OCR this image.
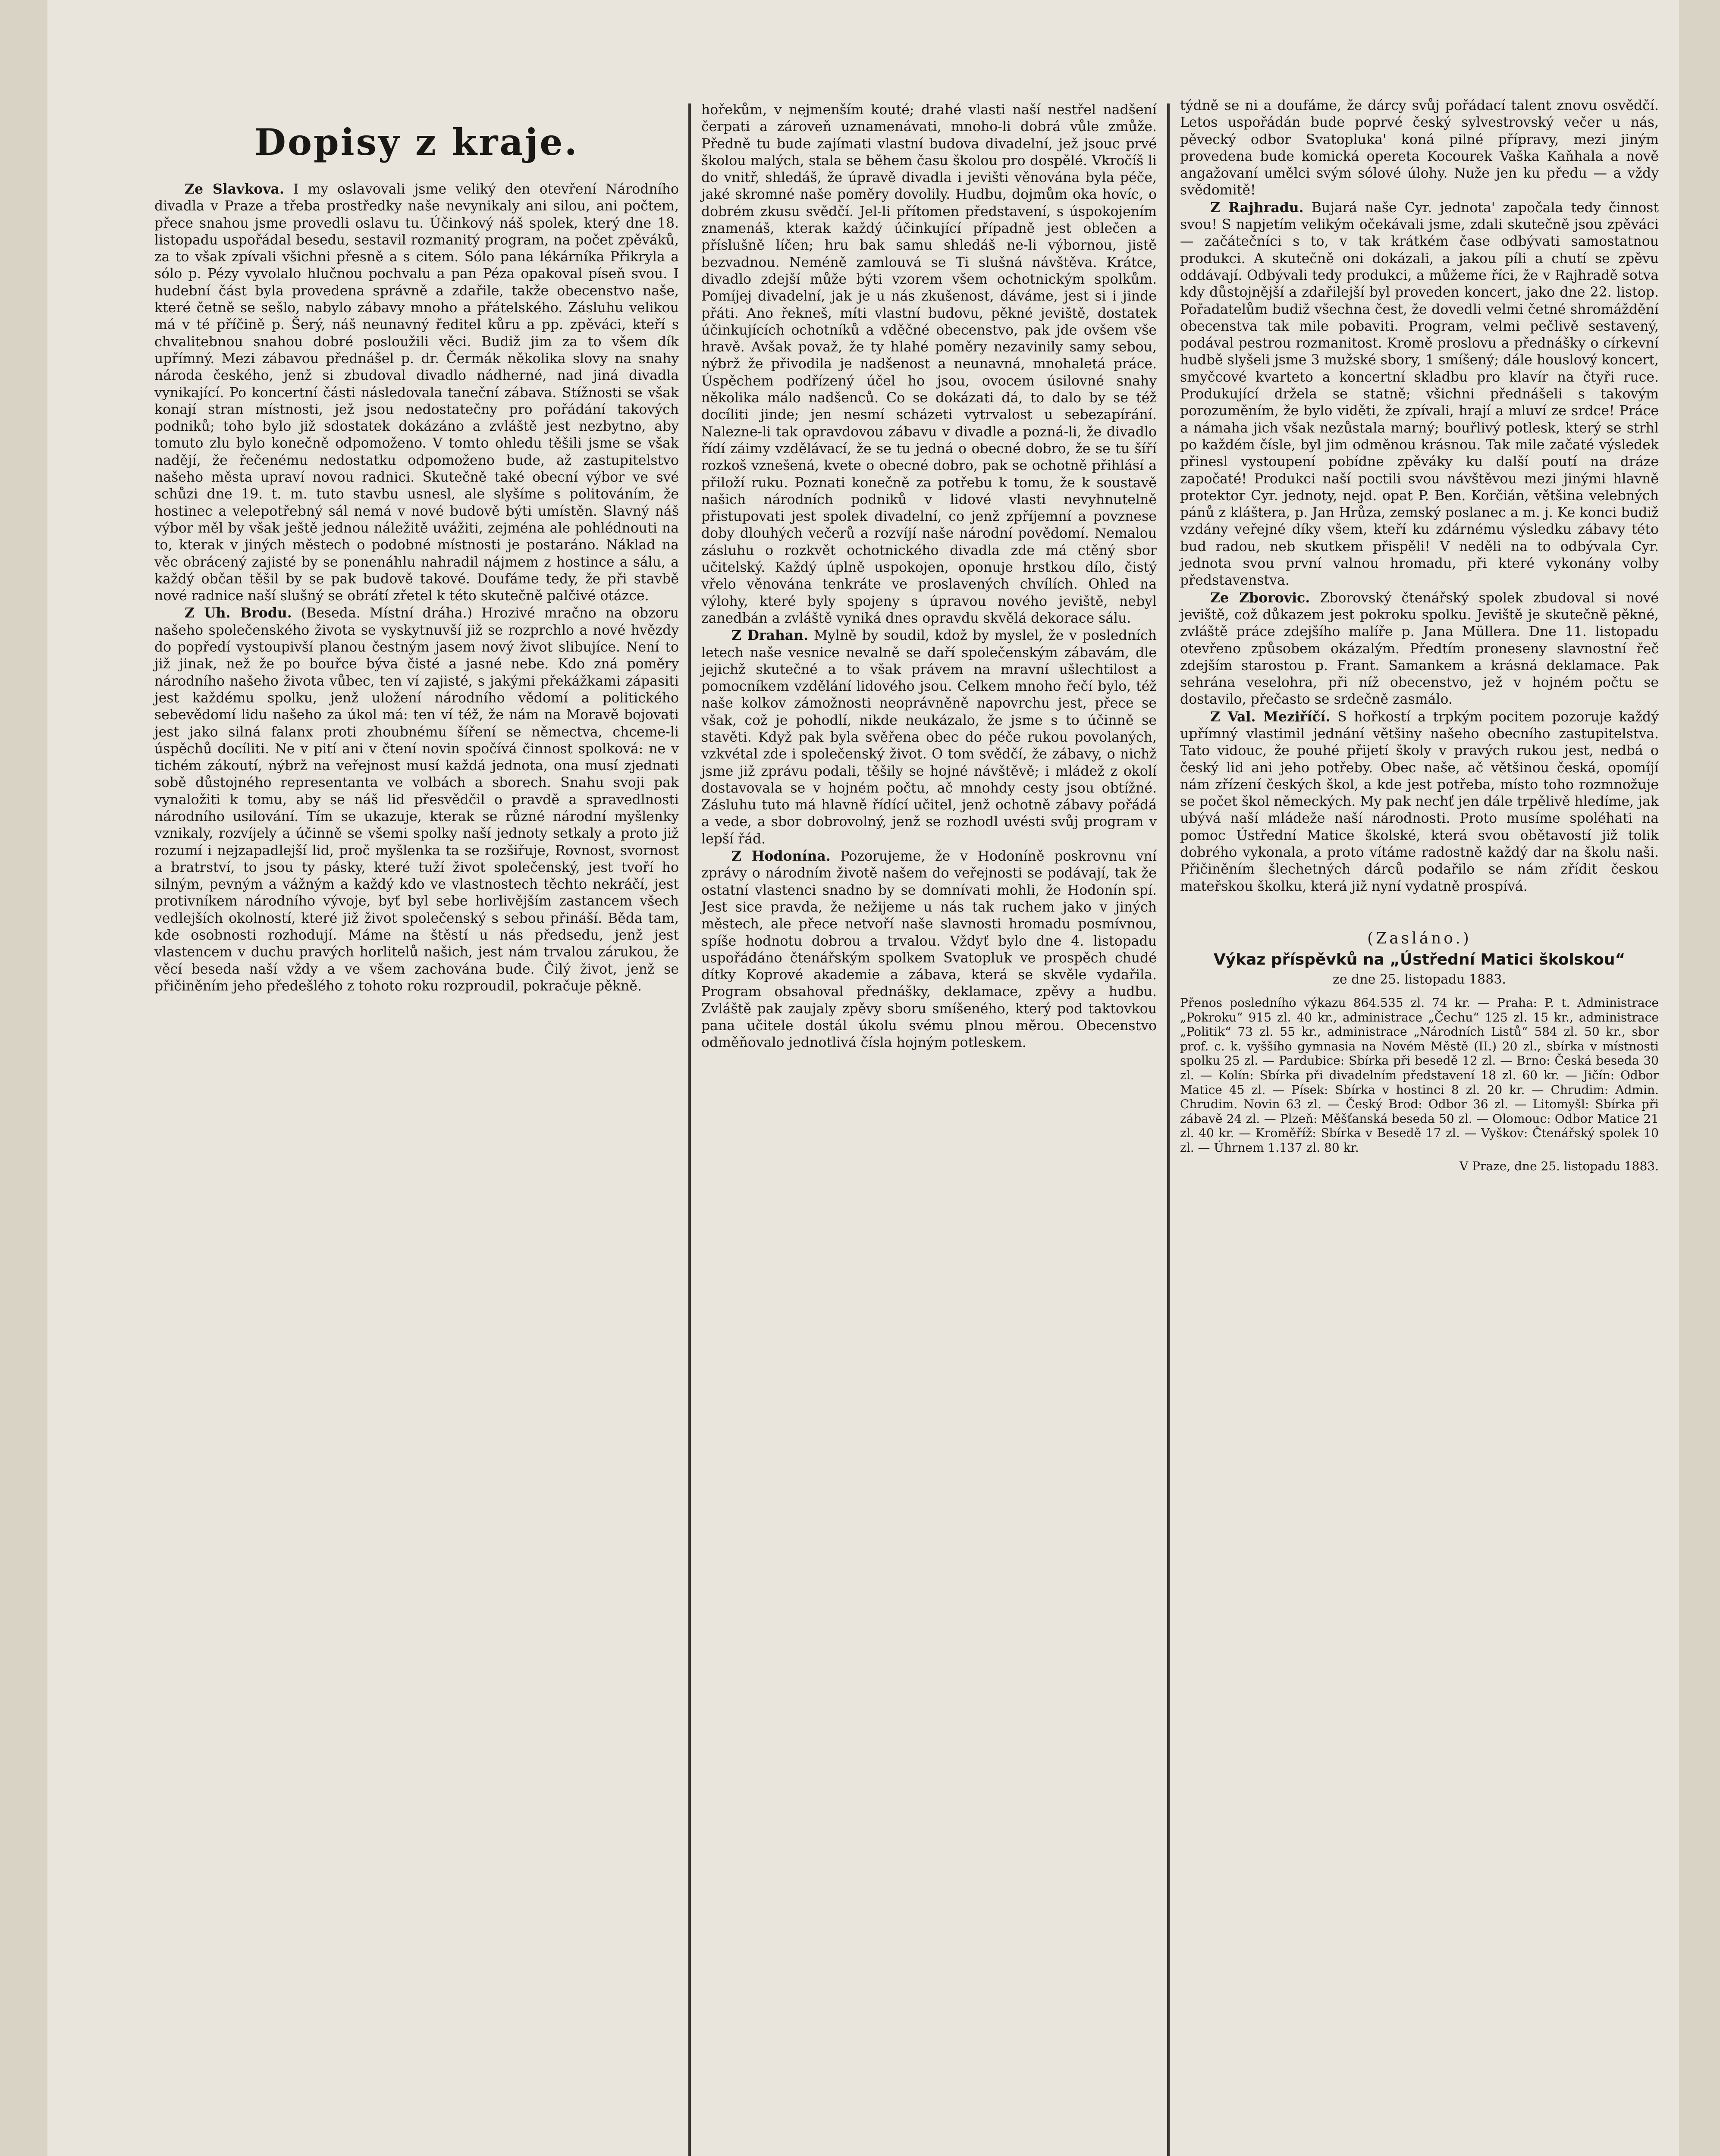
Dopisy z kraje.

Ze Slavkova. I my oslavovali jsme veliký den otevření Národního divadla v Praze a třeba prostředky naše nevynikaly ani silou, ani počtem, přece snahou jsme provedli oslavu tu. Účinkový náš spolek, který dne 18. listopadu uspořádal besedu, sestavil rozmanitý program, na počet zpěváků, za to však zpívali všichni přesně a s citem. Sólo pana lékárníka Přikryla a sólo p. Pézy vyvolalo hlučnou pochvalu a pan Péza opakoval píseň svou. I hudební část byla provedena správně a zdařile, takže obecenstvo naše, které četně se sešlo, nabylo zábavy mnoho a přátelského. Zásluhu velikou má v té příčině p. Šerý, náš neunavný ředitel kůru a pp. zpěváci, kteří s chvalitebnou snahou dobré posloužili věci. Budiž jim za to všem dík upřímný. Mezi zábavou přednášel p. dr. Čermák několika slovy na snahy národa českého, jenž si zbudoval divadlo nádherné, nad jiná divadla vynikající. Po koncertní části následovala taneční zábava. Stížnosti se však konají stran místnosti, jež jsou nedostatečny pro pořádání takových podniků; toho bylo již sdostatek dokázáno a zvláště jest nezbytno, aby tomuto zlu bylo konečně odpomoženo. V tomto ohledu těšili jsme se však nadějí, že řečenému nedostatku odpomoženo bude, až zastupitelstvo našeho města upraví novou radnici. Skutečně také obecní výbor ve své schůzi dne 19. t. m. tuto stavbu usnesl, ale slyšíme s politováním, že hostinec a velepotřebný sál nemá v nové budově býti umístěn. Slavný náš výbor měl by však ještě jednou náležitě uvážiti, zejména ale pohlédnouti na to, kterak v jiných městech o podobné místnosti je postaráno. Náklad na věc obrácený zajisté by se ponenáhlu nahradil nájmem z hostince a sálu, a každý občan těšil by se pak budově takové. Doufáme tedy, že při stavbě nové radnice naší slušný se obrátí zřetel k této skutečně palčivé otázce.

Z Uh. Brodu. (Beseda. Místní dráha.) Hrozivé mračno na obzoru našeho společenského života se vyskytnuvší již se rozprchlo a nové hvězdy do popředí vystoupivší planou čestným jasem nový život slibujíce. Není to již jinak, než že po bouřce býva čisté a jasné nebe. Kdo zná poměry národního našeho života vůbec, ten ví zajisté, s jakými překážkami zápasiti jest každému spolku, jenž uložení národního vědomí a politického sebevědomí lidu našeho za úkol má: ten ví též, že nám na Moravě bojovati jest jako silná falanx proti zhoubnému šíření se němectva, chceme-li úspěchů docíliti. Ne v pití ani v čtení novin spočívá činnost spolková: ne v tichém zákoutí, nýbrž na veřejnost musí každá jednota, ona musí zjednati sobě důstojného representanta ve volbách a sborech. Snahu svoji pak vynaložiti k tomu, aby se náš lid přesvědčil o pravdě a spravedlnosti národního usilování. Tím se ukazuje, kterak se různé národní myšlenky vznikaly, rozvíjely a účinně se všemi spolky naší jednoty setkaly a proto již rozumí i nejzapadlejší lid, proč myšlenka ta se rozšiřuje, Rovnost, svornost a bratrství, to jsou ty pásky, které tuží život společenský, jest tvoří ho silným, pevným a vážným a každý kdo ve vlastnostech těchto nekráčí, jest protivníkem národního vývoje, byť byl sebe horlivějším zastancem všech vedlejších okolností, které již život společenský s sebou přináší. Běda tam, kde osobnosti rozhodují. Máme na štěstí u nás předsedu, jenž jest vlastencem v duchu pravých horlitelů našich, jest nám trvalou zárukou, že věcí beseda naší vždy a ve všem zachována bude. Čilý život, jenž se přičiněním jeho předešlého z tohoto roku rozproudil, pokračuje pěkně.

hořekům, v nejmenším kouté; drahé vlasti naší nestřel nadšení čerpati a zároveň uznamenávati, mnoho-li dobrá vůle zmůže. Předně tu bude zajímati vlastní budova divadelní, jež jsouc prvé školou malých, stala se během času školou pro dospělé. Vkročíš li do vnitř, shledáš, že úpravě divadla i jevišti věnována byla péče, jaké skromné naše poměry dovolily. Hudbu, dojmům oka hovíc, o dobrém zkusu svědčí. Jel-li přítomen představení, s úspokojením znamenáš, kterak každý účinkující případně jest oblečen a příslušně líčen; hru bak samu shledáš ne-li výbornou, jistě bezvadnou. Neméně zamlouvá se Ti slušná návštěva. Krátce, divadlo zdejší může býti vzorem všem ochotnickým spolkům. Pomíjej divadelní, jak je u nás zkušenost, dáváme, jest si i jinde přáti. Ano řekneš, míti vlastní budovu, pěkné jeviště, dostatek účinkujících ochotníků a vděčné obecenstvo, pak jde ovšem vše hravě. Avšak považ, že ty hlahé poměry nezavinily samy sebou, nýbrž že přivodila je nadšenost a neunavná, mnohaletá práce. Úspěchem podřízený účel ho jsou, ovocem úsilovné snahy několika málo nadšenců. Co se dokázati dá, to dalo by se též docíliti jinde; jen nesmí scházeti vytrvalost u sebezapírání. Nalezne-li tak opravdovou zábavu v divadle a pozná-li, že divadlo řídí záimy vzdělávací, že se tu jedná o obecné dobro, že se tu šíří rozkoš vznešená, kvete o obecné dobro, pak se ochotně přihlásí a přiloží ruku. Poznati konečně za potřebu k tomu, že k soustavě našich národních podniků v lidové vlasti nevyhnutelně přistupovati jest spolek divadelní, co jenž zpříjemní a povznese doby dlouhých večerů a rozvíjí naše národní povědomí. Nemalou zásluhu o rozkvět ochotnického divadla zde má ctěný sbor učitelský. Každý úplně uspokojen, oponuje hrstkou dílo, čistý vřelo věnována tenkráte ve proslavených chvílích. Ohled na výlohy, které byly spojeny s úpravou nového jeviště, nebyl zanedbán a zvláště vyniká dnes opravdu skvělá dekorace sálu.

Z Drahan. Mylně by soudil, kdož by myslel, že v posledních letech naše vesnice nevalně se daří společenským zábavám, dle jejichž skutečné a to však právem na mravní ušlechtilost a pomocníkem vzdělání lidového jsou. Celkem mnoho řečí bylo, též naše kolkov zámožnosti neoprávněně napovrchu jest, přece se však, což je pohodlí, nikde neukázalo, že jsme s to účinně se stavěti. Když pak byla svěřena obec do péče rukou povolaných, vzkvétal zde i společenský život. O tom svědčí, že zábavy, o nichž jsme již zprávu podali, těšily se hojné návštěvě; i mládež z okolí dostavovala se v hojném počtu, ač mnohdy cesty jsou obtížné. Zásluhu tuto má hlavně řídící učitel, jenž ochotně zábavy pořádá a vede, a sbor dobrovolný, jenž se rozhodl uvésti svůj program v lepší řád.

Z Hodonína. Pozorujeme, že v Hodoníně poskrovnu vní zprávy o národním životě našem do veřejnosti se podávají, tak že ostatní vlastenci snadno by se domnívati mohli, že Hodonín spí. Jest sice pravda, že nežijeme u nás tak ruchem jako v jiných městech, ale přece netvoří naše slavnosti hromadu posmívnou, spíše hodnotu dobrou a trvalou. Vždyť bylo dne 4. listopadu uspořádáno čtenářským spolkem Svatopluk ve prospěch chudé dítky Koprové akademie a zábava, která se skvěle vydařila. Program obsahoval přednášky, deklamace, zpěvy a hudbu. Zvláště pak zaujaly zpěvy sboru smíšeného, který pod taktovkou pana učitele dostál úkolu svému plnou měrou. Obecenstvo odměňovalo jednotlivá čísla hojným potleskem.

týdně se ni a doufáme, že dárcy svůj pořádací talent znovu osvědčí. Letos uspořádán bude poprvé český sylvestrovský večer u nás, pěvecký odbor Svatopluka' koná pilné přípravy, mezi jiným provedena bude komická opereta Kocourek Vaška Kaňhala a nově angažovaní umělci svým sólové úlohy. Nuže jen ku předu — a vždy svědomitě!

Z Rajhradu. Bujará naše Cyr. jednota' započala tedy činnost svou! S napjetím velikým očekávali jsme, zdali skutečně jsou zpěváci — začátečníci s to, v tak krátkém čase odbývati samostatnou produkci. A skutečně oni dokázali, a jakou píli a chutí se zpěvu oddávají. Odbývali tedy produkci, a můžeme říci, že v Rajhradě sotva kdy důstojnější a zdařilejší byl proveden koncert, jako dne 22. listop. Pořadatelům budiž všechna čest, že dovedli velmi četné shromáždění obecenstva tak mile pobaviti. Program, velmi pečlivě sestavený, podával pestrou rozmanitost. Kromě proslovu a přednášky o církevní hudbě slyšeli jsme 3 mužské sbory, 1 smíšený; dále houslový koncert, smyčcové kvarteto a koncertní skladbu pro klavír na čtyři ruce. Produkující držela se statně; všichni přednášeli s takovým porozuměním, že bylo viděti, že zpívali, hrají a mluví ze srdce! Práce a námaha jich však nezůstala marný; bouřlivý potlesk, který se strhl po každém čísle, byl jim odměnou krásnou. Tak mile začaté výsledek přinesl vystoupení pobídne zpěváky ku další poutí na dráze započaté! Produkci naší poctili svou návštěvou mezi jinými hlavně protektor Cyr. jednoty, nejd. opat P. Ben. Korčián, většina velebných pánů z kláštera, p. Jan Hrůza, zemský poslanec a m. j. Ke konci budiž vzdány veřejné díky všem, kteří ku zdárnému výsledku zábavy této bud radou, neb skutkem přispěli! V neděli na to odbývala Cyr. jednota svou první valnou hromadu, při které vykonány volby představenstva.

Ze Zborovic. Zborovský čtenářský spolek zbudoval si nové jeviště, což důkazem jest pokroku spolku. Jeviště je skutečně pěkné, zvláště práce zdejšího malíře p. Jana Müllera. Dne 11. listopadu otevřeno způsobem okázalým. Předtím proneseny slavnostní řeč zdejším starostou p. Frant. Samankem a krásná deklamace. Pak sehrána veselohra, při níž obecenstvo, jež v hojném počtu se dostavilo, přečasto se srdečně zasmálo.

Z Val. Meziříčí. S hořkostí a trpkým pocitem pozoruje každý upřímný vlastimil jednání většiny našeho obecního zastupitelstva. Tato vidouc, že pouhé přijetí školy v pravých rukou jest, nedbá o český lid ani jeho potřeby. Obec naše, ač většinou česká, opomíjí nám zřízení českých škol, a kde jest potřeba, místo toho rozmnožuje se počet škol německých. My pak nechť jen dále trpělivě hledíme, jak ubývá naší mládeže naší národnosti. Proto musíme spoléhati na pomoc Ústřední Matice školské, která svou obětavostí již tolik dobrého vykonala, a proto vítáme radostně každý dar na školu naši. Přičiněním šlechetných dárců podařilo se nám zřídit českou mateřskou školku, která již nyní vydatně prospívá.

(Zasláno.)
Výkaz příspěvků na „Ústřední Matici školskou“
ze dne 25. listopadu 1883.

Přenos posledního výkazu 864.535 zl. 74 kr. — Praha: P. t. Administrace „Pokroku“ 915 zl. 40 kr., administrace „Čechu“ 125 zl. 15 kr., administrace „Politik“ 73 zl. 55 kr., administrace „Národních Listů“ 584 zl. 50 kr., sbor prof. c. k. vyššího gymnasia na Novém Městě (II.) 20 zl., sbírka v místnosti spolku 25 zl. — Pardubice: Sbírka při besedě 12 zl. — Brno: Česká beseda 30 zl. — Kolín: Sbírka při divadelním představení 18 zl. 60 kr. — Jičín: Odbor Matice 45 zl. — Písek: Sbírka v hostinci 8 zl. 20 kr. — Chrudim: Admin. Chrudim. Novin 63 zl. — Český Brod: Odbor 36 zl. — Litomyšl: Sbírka při zábavě 24 zl. — Plzeň: Měšťanská beseda 50 zl. — Olomouc: Odbor Matice 21 zl. 40 kr. — Kroměříž: Sbírka v Besedě 17 zl. — Vyškov: Čtenářský spolek 10 zl. — Úhrnem 1.137 zl. 80 kr.

V Praze, dne 25. listopadu 1883.
